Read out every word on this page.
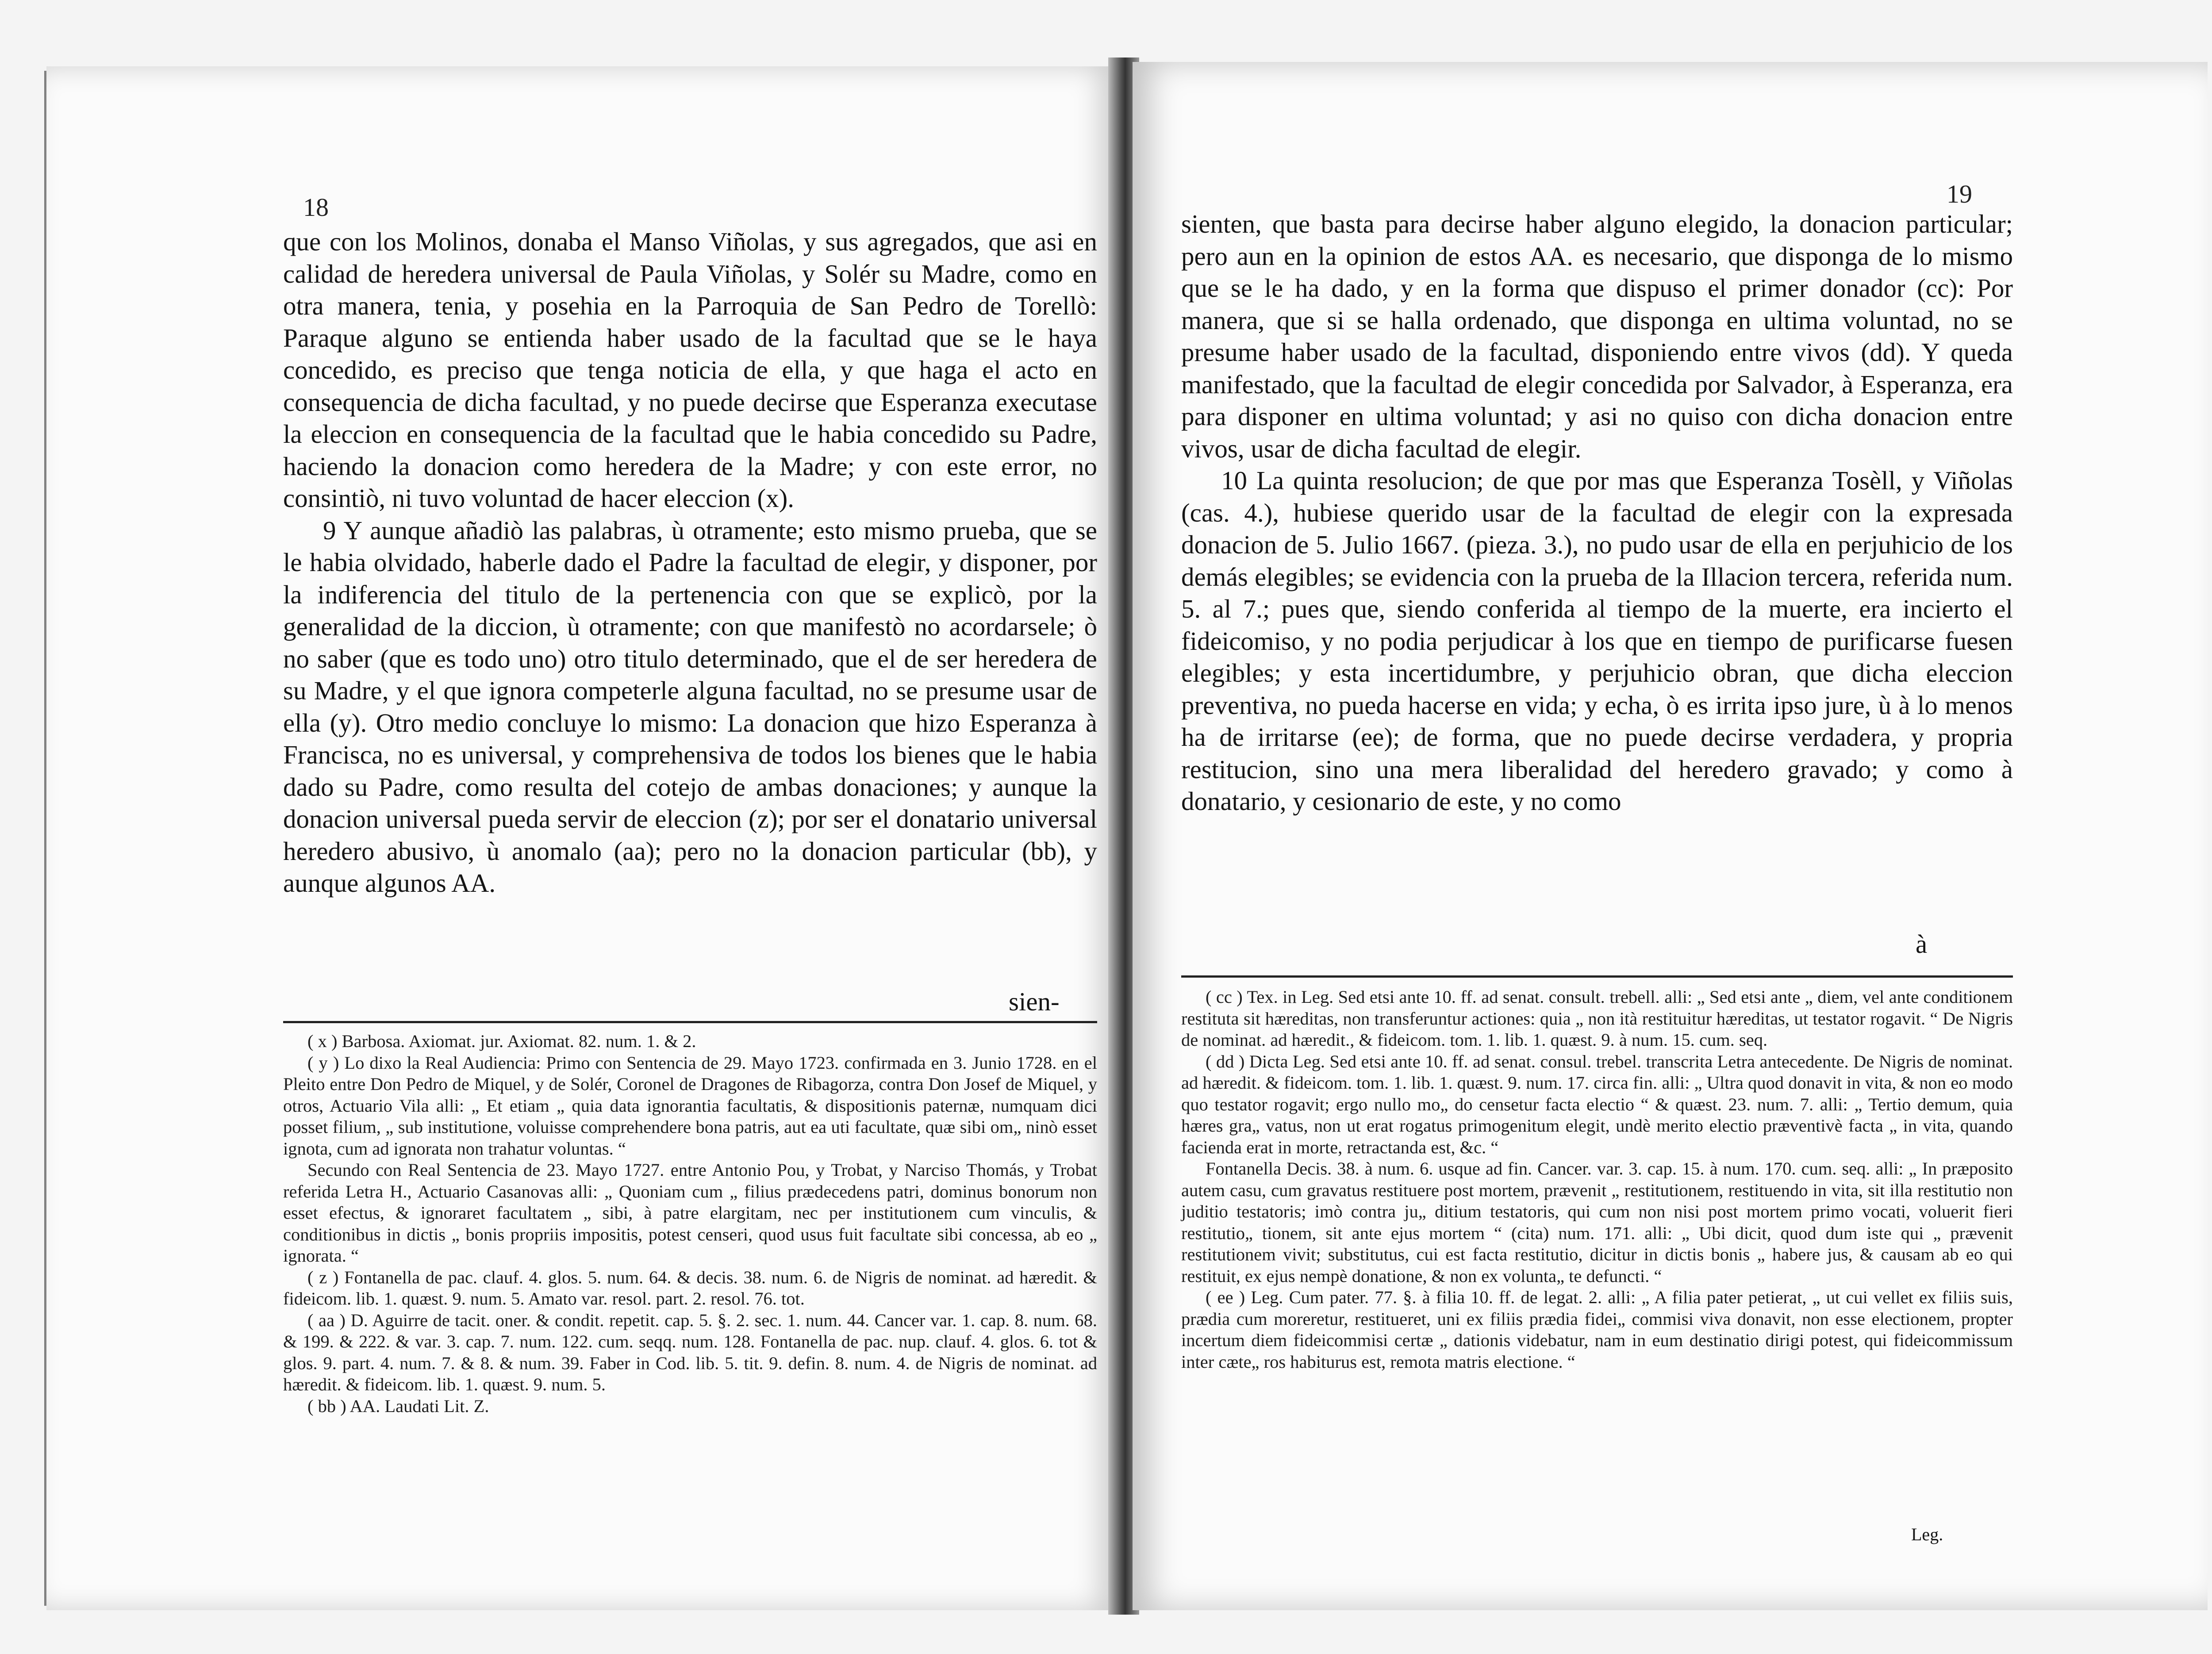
18

que con los Molinos, donaba el Manso Viñolas, y sus agregados, que asi en calidad de heredera universal de Paula Viñolas, y Solér su Madre, como en otra manera, tenia, y posehia en la Parroquia de San Pedro de Torellò: Paraque alguno se entienda haber usado de la facultad que se le haya concedido, es preciso que tenga noticia de ella, y que haga el acto en consequencia de dicha facultad, y no puede decirse que Esperanza executase la eleccion en consequencia de la facultad que le habia concedido su Padre, haciendo la donacion como heredera de la Madre; y con este error, no consintiò, ni tuvo voluntad de hacer eleccion (x).

9 Y aunque añadiò las palabras, ù otramente; esto mismo prueba, que se le habia olvidado, haberle dado el Padre la facultad de elegir, y disponer, por la indiferencia del titulo de la pertenencia con que se explicò, por la generalidad de la diccion, ù otramente; con que manifestò no acordarsele; ò no saber (que es todo uno) otro titulo determinado, que el de ser heredera de su Madre, y el que ignora competerle alguna facultad, no se presume usar de ella (y). Otro medio concluye lo mismo: La donacion que hizo Esperanza à Francisca, no es universal, y comprehensiva de todos los bienes que le habia dado su Padre, como resulta del cotejo de ambas donaciones; y aunque la donacion universal pueda servir de eleccion (z); por ser el donatario universal heredero abusivo, ù anomalo (aa); pero no la donacion particular (bb), y aunque algunos AA.

sien-

( x ) Barbosa. Axiomat. jur. Axiomat. 82. num. 1. & 2.

( y ) Lo dixo la Real Audiencia: Primo con Sentencia de 29. Mayo 1723. confirmada en 3. Junio 1728. en el Pleito entre Don Pedro de Miquel, y de Solér, Coronel de Dragones de Ribagorza, contra Don Josef de Miquel, y otros, Actuario Vila alli: „ Et etiam „ quia data ignorantia facultatis, & dispositionis paternæ, numquam dici posset filium, „ sub institutione, voluisse comprehendere bona patris, aut ea uti facultate, quæ sibi om„ ninò esset ignota, cum ad ignorata non trahatur voluntas. “

Secundo con Real Sentencia de 23. Mayo 1727. entre Antonio Pou, y Trobat, y Narciso Thomás, y Trobat referida Letra H., Actuario Casanovas alli: „ Quoniam cum „ filius prædecedens patri, dominus bonorum non esset efectus, & ignoraret facultatem „ sibi, à patre elargitam, nec per institutionem cum vinculis, & conditionibus in dictis „ bonis propriis impositis, potest censeri, quod usus fuit facultate sibi concessa, ab eo „ ignorata. “

( z ) Fontanella de pac. clauf. 4. glos. 5. num. 64. & decis. 38. num. 6. de Nigris de nominat. ad hæredit. & fideicom. lib. 1. quæst. 9. num. 5. Amato var. resol. part. 2. resol. 76. tot.

( aa ) D. Aguirre de tacit. oner. & condit. repetit. cap. 5. §. 2. sec. 1. num. 44. Cancer var. 1. cap. 8. num. 68. & 199. & 222. & var. 3. cap. 7. num. 122. cum. seqq. num. 128. Fontanella de pac. nup. clauf. 4. glos. 6. tot & glos. 9. part. 4. num. 7. & 8. & num. 39. Faber in Cod. lib. 5. tit. 9. defin. 8. num. 4. de Nigris de nominat. ad hæredit. & fideicom. lib. 1. quæst. 9. num. 5.

( bb ) AA. Laudati Lit. Z.

19

sienten, que basta para decirse haber alguno elegido, la donacion particular; pero aun en la opinion de estos AA. es necesario, que disponga de lo mismo que se le ha dado, y en la forma que dispuso el primer donador (cc): Por manera, que si se halla ordenado, que disponga en ultima voluntad, no se presume haber usado de la facultad, disponiendo entre vivos (dd). Y queda manifestado, que la facultad de elegir concedida por Salvador, à Esperanza, era para disponer en ultima voluntad; y asi no quiso con dicha donacion entre vivos, usar de dicha facultad de elegir.

10 La quinta resolucion; de que por mas que Esperanza Tosèll, y Viñolas (cas. 4.), hubiese querido usar de la facultad de elegir con la expresada donacion de 5. Julio 1667. (pieza. 3.), no pudo usar de ella en perjuhicio de los demás elegibles; se evidencia con la prueba de la Illacion tercera, referida num. 5. al 7.; pues que, siendo conferida al tiempo de la muerte, era incierto el fideicomiso, y no podia perjudicar à los que en tiempo de purificarse fuesen elegibles; y esta incertidumbre, y perjuhicio obran, que dicha eleccion preventiva, no pueda hacerse en vida; y echa, ò es irrita ipso jure, ù à lo menos ha de irritarse (ee); de forma, que no puede decirse verdadera, y propria restitucion, sino una mera liberalidad del heredero gravado; y como à donatario, y cesionario de este, y no como

à

( cc ) Tex. in Leg. Sed etsi ante 10. ff. ad senat. consult. trebell. alli: „ Sed etsi ante „ diem, vel ante conditionem restituta sit hæreditas, non transferuntur actiones: quia „ non ità restituitur hæreditas, ut testator rogavit. “ De Nigris de nominat. ad hæredit., & fideicom. tom. 1. lib. 1. quæst. 9. à num. 15. cum. seq.

( dd ) Dicta Leg. Sed etsi ante 10. ff. ad senat. consul. trebel. transcrita Letra antecedente. De Nigris de nominat. ad hæredit. & fideicom. tom. 1. lib. 1. quæst. 9. num. 17. circa fin. alli: „ Ultra quod donavit in vita, & non eo modo quo testator rogavit; ergo nullo mo„ do censetur facta electio “ & quæst. 23. num. 7. alli: „ Tertio demum, quia hæres gra„ vatus, non ut erat rogatus primogenitum elegit, undè merito electio præventivè facta „ in vita, quando facienda erat in morte, retractanda est, &c. “

Fontanella Decis. 38. à num. 6. usque ad fin. Cancer. var. 3. cap. 15. à num. 170. cum. seq. alli: „ In præposito autem casu, cum gravatus restituere post mortem, prævenit „ restitutionem, restituendo in vita, sit illa restitutio non juditio testatoris; imò contra ju„ ditium testatoris, qui cum non nisi post mortem primo vocati, voluerit fieri restitutio„ tionem, sit ante ejus mortem “ (cita) num. 171. alli: „ Ubi dicit, quod dum iste qui „ prævenit restitutionem vivit; substitutus, cui est facta restitutio, dicitur in dictis bonis „ habere jus, & causam ab eo qui restituit, ex ejus nempè donatione, & non ex volunta„ te defuncti. “

( ee ) Leg. Cum pater. 77. §. à filia 10. ff. de legat. 2. alli: „ A filia pater petierat, „ ut cui vellet ex filiis suis, prædia cum moreretur, restitueret, uni ex filiis prædia fidei„ commisi viva donavit, non esse electionem, propter incertum diem fideicommisi certæ „ dationis videbatur, nam in eum destinatio dirigi potest, qui fideicommissum inter cæte„ ros habiturus est, remota matris electione. “

Leg.
